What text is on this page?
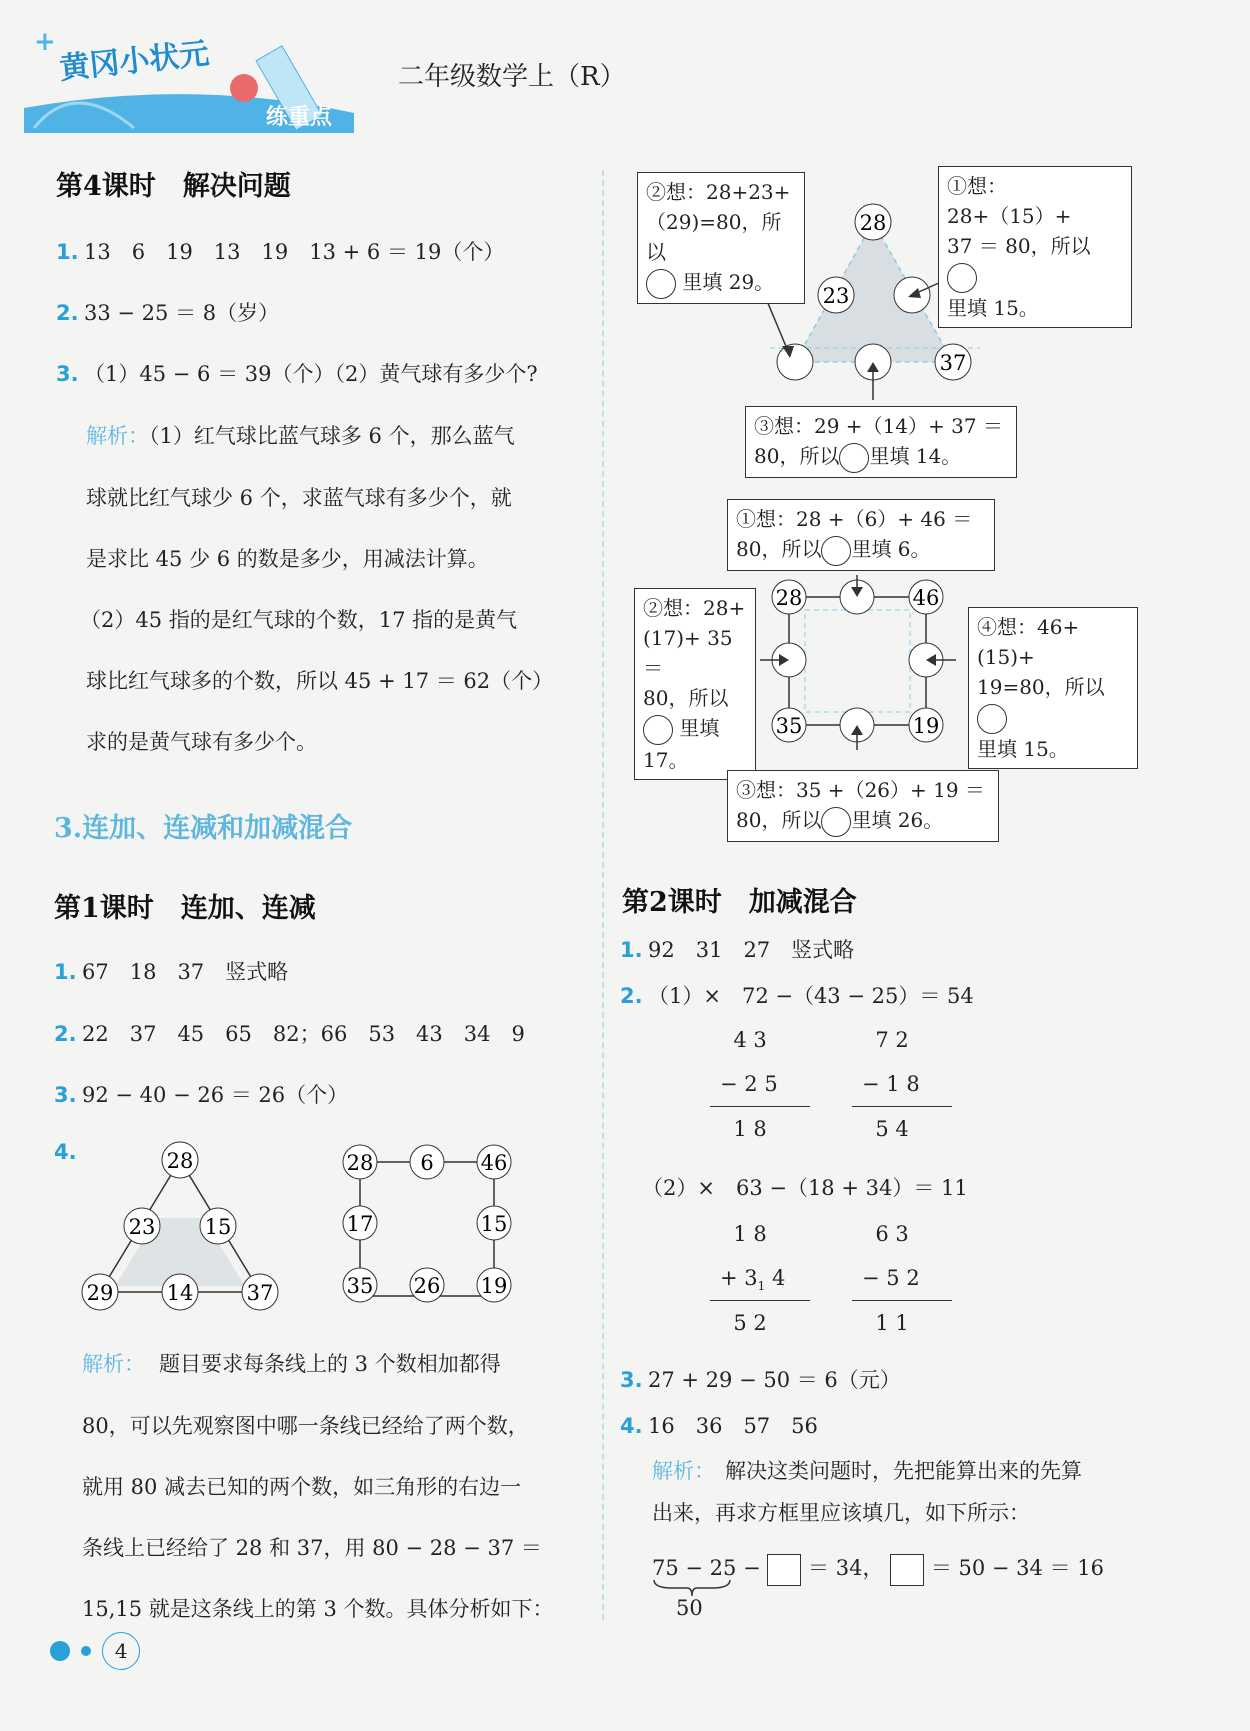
+ 黄冈小状元
练重点
二年级数学上（R）
第4课时　解决问题
1. 13　6　19　13　19　13 + 6 ＝ 19（个）
2. 33 − 25 ＝ 8（岁）
3. （1）45 − 6 ＝ 39（个）（2）黄气球有多少个?
解析：（1）红气球比蓝气球多 6 个，那么蓝气
球就比红气球少 6 个，求蓝气球有多少个，就
是求比 45 少 6 的数是多少，用减法计算。
（2）45 指的是红气球的个数，17 指的是黄气
球比红气球多的个数，所以 45 + 17 ＝ 62（个）
求的是黄气球有多少个。
3.连加、连减和加减混合
第1课时　连加、连减
1. 67　18　37　竖式略
2. 22　37　45　65　82；66　53　43　34　9
3. 92 − 40 − 26 ＝ 26（个）
4.	28
23 15
29	14	37
28 6 46
17	15
35 26 19
解析： 题目要求每条线上的 3 个数相加都得
80，可以先观察图中哪一条线已经给了两个数，
就用 80 减去已知的两个数，如三角形的右边一
条线上已经给了 28 和 37，用 80 − 28 − 37 ＝
15,15 就是这条线上的第 3 个数。具体分析如下：
4
28
23
37
②想：28+23+
（29)=80，所以
里填 29。
①想：28+（15）+
37 ＝ 80，所以
里填 15。
③想：29 +（14）+ 37 ＝
80，所以 里填 14。
28	46
35	19
①想：28 +（6）+ 46 ＝
80，所以 里填 6。
②想：28+
(17)+ 35＝
80，所以
里填
17。
④想：46+(15)+
19=80，所以
里填 15。
③想：35 +（26）+ 19 ＝
80，所以 里填 26。
第2课时　加减混合
1. 92　31　27　竖式略
2. （1）×　72 −（43 − 25）＝ 54
4 3
− 2 5
1 8
7 2
− 1 8
5 4
（2）×　63 −（18 + 34）＝ 11
1 8
+ $3_1$ 4
5 2
6 3
− 5 2
1 1
3. 27 + 29 − 50 ＝ 6（元）
4. 16　36　57　56
解析： 解决这类问题时，先把能算出来的先算
出来，再求方框里应该填几，如下所示：
75 − 25 − ＝ 34， ＝ 50 − 34 ＝ 16
50
